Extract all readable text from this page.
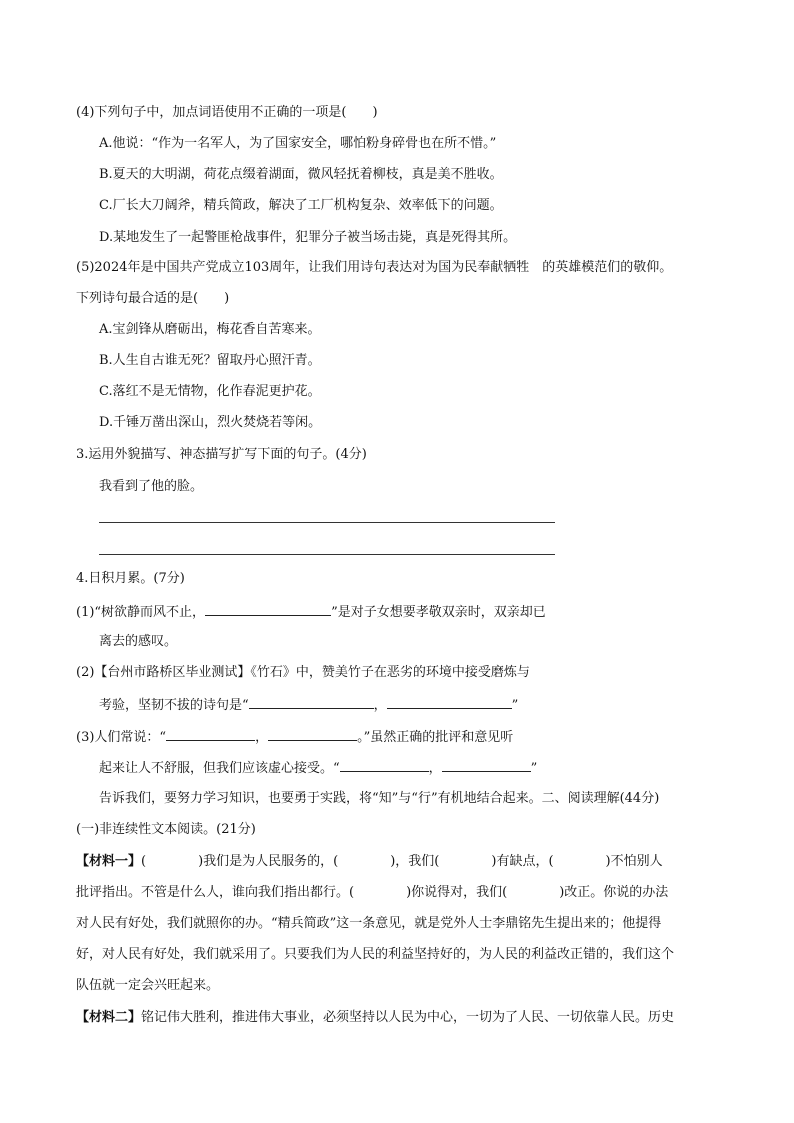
(4)下列句子中，加点词语使用不正确的一项是(　　)
A.他说：“作为一名军人，为了国家安全，哪怕粉身碎骨也在所不惜。”
B.夏天的大明湖，荷花点缀着湖面，微风轻抚着柳枝，真是美不胜收。
C.厂长大刀阔斧，精兵简政，解决了工厂机构复杂、效率低下的问题。
D.某地发生了一起警匪枪战事件，犯罪分子被当场击毙，真是死得其所。
(5)2024年是中国共产党成立103周年，让我们用诗句表达对为国为民奉献牺牲　的英雄模范们的敬仰。
下列诗句最合适的是(　　)
A.宝剑锋从磨砺出，梅花香自苦寒来。
B.人生自古谁无死？留取丹心照汗青。
C.落红不是无情物，化作春泥更护花。
D.千锤万凿出深山，烈火焚烧若等闲。
3.运用外貌描写、神态描写扩写下面的句子。(4分)
我看到了他的脸。
4.日积月累。(7分)
(1)“树欲静而风不止，	”是对子女想要孝敬双亲时，双亲却已
离去的感叹。
(2)【台州市路桥区毕业测试】《竹石》中，赞美竹子在恶劣的环境中接受磨炼与
考验，坚韧不拔的诗句是“	，	”
(3)人们常说：“	，	。”虽然正确的批评和意见听
起来让人不舒服，但我们应该虚心接受。“	，	”
告诉我们，要努力学习知识，也要勇于实践，将“知”与“行”有机地结合起来。二、阅读理解(44分)
(一)非连续性文本阅读。(21分)
【材料一】(　　　　)我们是为人民服务的，(　　　　)，我们(　　　　)有缺点，(　　　　)不怕别人
批评指出。不管是什么人，谁向我们指出都行。(　　　　)你说得对，我们(　　　　)改正。你说的办法
对人民有好处，我们就照你的办。“精兵简政”这一条意见，就是党外人士李鼎铭先生提出来的；他提得
好，对人民有好处，我们就采用了。只要我们为人民的利益坚持好的，为人民的利益改正错的，我们这个
队伍就一定会兴旺起来。
【材料二】铭记伟大胜利，推进伟大事业，必须坚持以人民为中心，一切为了人民、一切依靠人民。历史
